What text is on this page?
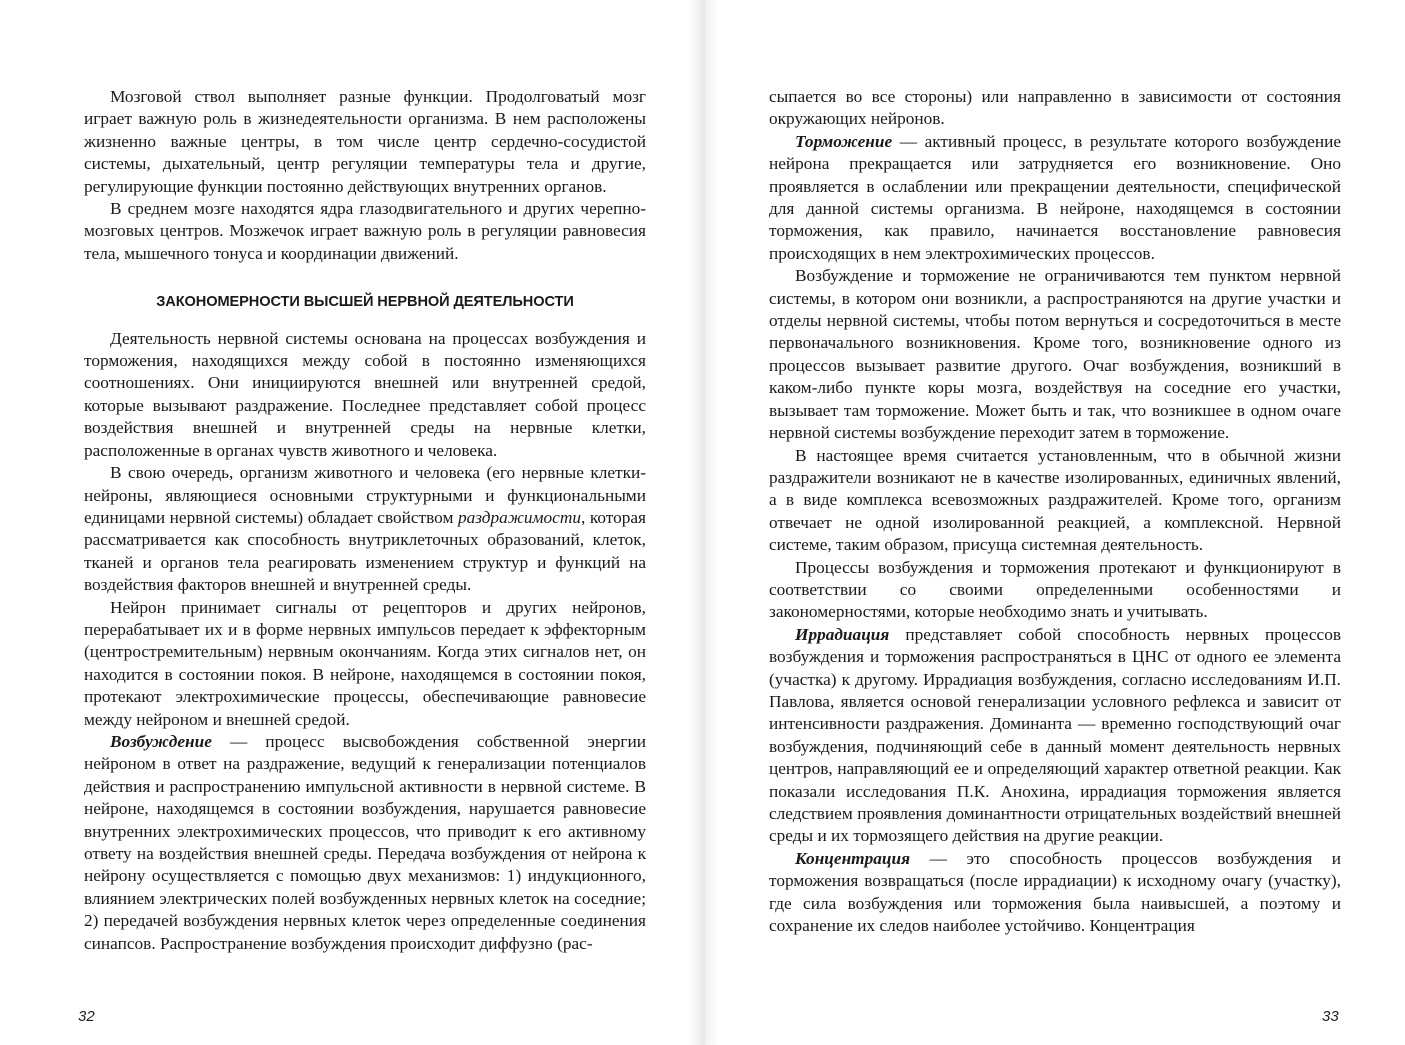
Мозговой ствол выполняет разные функции. Продолговатый мозг играет важную роль в жизнедеятельности организма. В нем расположены жизненно важные центры, в том числе центр сердечно-сосудистой системы, дыхательный, центр регуляции температуры тела и другие, регулирующие функции постоянно действующих внутренних органов.

В среднем мозге находятся ядра глазодвигательного и других черепно-мозговых центров. Мозжечок играет важную роль в регуляции равновесия тела, мышечного тонуса и координации движений.

ЗАКОНОМЕРНОСТИ ВЫСШЕЙ НЕРВНОЙ ДЕЯТЕЛЬНОСТИ

Деятельность нервной системы основана на процессах возбуждения и торможения, находящихся между собой в постоянно изменяющихся соотношениях. Они инициируются внешней или внутренней средой, которые вызывают раздражение. Последнее представляет собой процесс воздействия внешней и внутренней среды на нервные клетки, расположенные в органах чувств животного и человека.

В свою очередь, организм животного и человека (его нервные клетки-нейроны, являющиеся основными структурными и функциональными единицами нервной системы) обладает свойством раздражимости, которая рассматривается как способность внутриклеточных образований, клеток, тканей и органов тела реагировать изменением структур и функций на воздействия факторов внешней и внутренней среды.

Нейрон принимает сигналы от рецепторов и других нейронов, перерабатывает их и в форме нервных импульсов передает к эффекторным (центростремительным) нервным окончаниям. Когда этих сигналов нет, он находится в состоянии покоя. В нейроне, находящемся в состоянии покоя, протекают электрохимические процессы, обеспечивающие равновесие между нейроном и внешней средой.

Возбуждение — процесс высвобождения собственной энергии нейроном в ответ на раздражение, ведущий к генерализации потенциалов действия и распространению импульсной активности в нервной системе. В нейроне, находящемся в состоянии возбуждения, нарушается равновесие внутренних электрохимических процессов, что приводит к его активному ответу на воздействия внешней среды. Передача возбуждения от нейрона к нейрону осуществляется с помощью двух механизмов: 1) индукционного, влиянием электрических полей возбужденных нервных клеток на соседние; 2) передачей возбуждения нервных клеток через определенные соединения синапсов. Распространение возбуждения происходит диффузно (рас-

32

сыпается во все стороны) или направленно в зависимости от состояния окружающих нейронов.

Торможение — активный процесс, в результате которого возбуждение нейрона прекращается или затрудняется его возникновение. Оно проявляется в ослаблении или прекращении деятельности, специфической для данной системы организма. В нейроне, находящемся в состоянии торможения, как правило, начинается восстановление равновесия происходящих в нем электрохимических процессов.

Возбуждение и торможение не ограничиваются тем пунктом нервной системы, в котором они возникли, а распространяются на другие участки и отделы нервной системы, чтобы потом вернуться и сосредоточиться в месте первоначального возникновения. Кроме того, возникновение одного из процессов вызывает развитие другого. Очаг возбуждения, возникший в каком-либо пункте коры мозга, воздействуя на соседние его участки, вызывает там торможение. Может быть и так, что возникшее в одном очаге нервной системы возбуждение переходит затем в торможение.

В настоящее время считается установленным, что в обычной жизни раздражители возникают не в качестве изолированных, единичных явлений, а в виде комплекса всевозможных раздражителей. Кроме того, организм отвечает не одной изолированной реакцией, а комплексной. Нервной системе, таким образом, присуща системная деятельность.

Процессы возбуждения и торможения протекают и функционируют в соответствии со своими определенными особенностями и закономерностями, которые необходимо знать и учитывать.

Иррадиация представляет собой способность нервных процессов возбуждения и торможения распространяться в ЦНС от одного ее элемента (участка) к другому. Иррадиация возбуждения, согласно исследованиям И.П. Павлова, является основой генерализации условного рефлекса и зависит от интенсивности раздражения. Доминанта — временно господствующий очаг возбуждения, подчиняющий себе в данный момент деятельность нервных центров, направляющий ее и определяющий характер ответной реакции. Как показали исследования П.К. Анохина, иррадиация торможения является следствием проявления доминантности отрицательных воздействий внешней среды и их тормозящего действия на другие реакции.

Концентрация — это способность процессов возбуждения и торможения возвращаться (после иррадиации) к исходному очагу (участку), где сила возбуждения или торможения была наивысшей, а поэтому и сохранение их следов наиболее устойчиво. Концентрация

33
